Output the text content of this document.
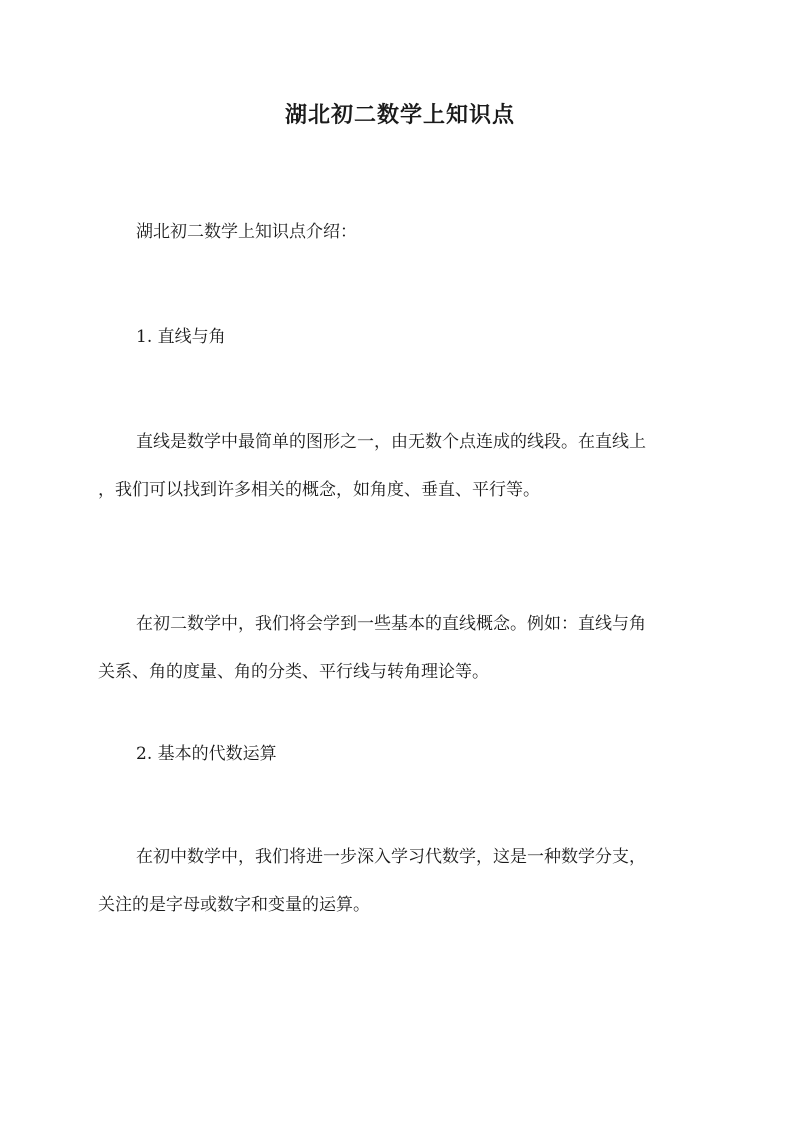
湖北初二数学上知识点

湖北初二数学上知识点介绍：

1. 直线与角

直线是数学中最简单的图形之一，由无数个点连成的线段。在直线上
，我们可以找到许多相关的概念，如角度、垂直、平行等。

在初二数学中，我们将会学到一些基本的直线概念。例如：直线与角
关系、角的度量、角的分类、平行线与转角理论等。

2. 基本的代数运算

在初中数学中，我们将进一步深入学习代数学，这是一种数学分支，
关注的是字母或数字和变量的运算。
